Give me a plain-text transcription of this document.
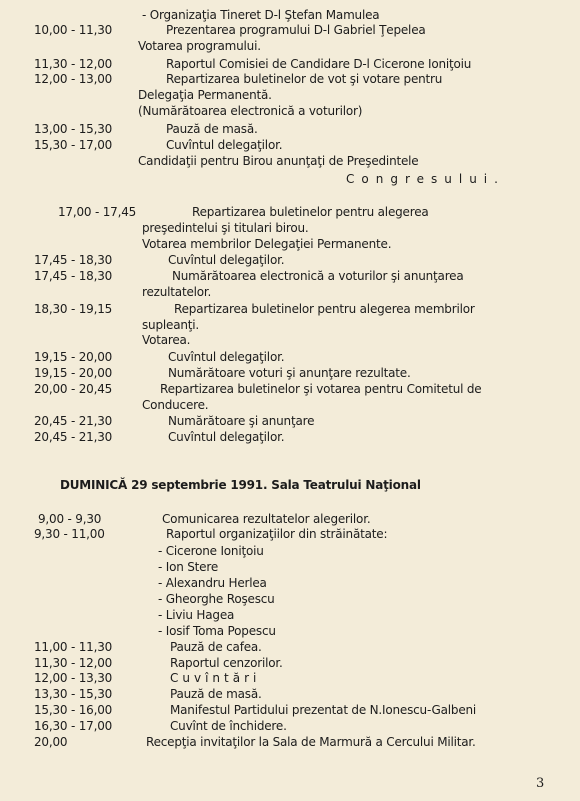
- Organizaţia Tineret D-l Ştefan Mamulea
10,00 - 11,30	Prezentarea programului D-l Gabriel Ţepelea
Votarea programului.
11,30 - 12,00	Raportul Comisiei de Candidare D-l Cicerone Ioniţoiu
12,00 - 13,00	Repartizarea buletinelor de vot şi votare pentru
Delegaţia Permanentă.
(Numărătoarea electronică a voturilor)
13,00 - 15,30	Pauză de masă.
15,30 - 17,00	Cuvîntul delegaţilor.
Candidaţii pentru Birou anunţaţi de Preşedintele
Congresului.
17,00 - 17,45	Repartizarea buletinelor pentru alegerea
preşedintelui şi titulari birou.
Votarea membrilor Delegaţiei Permanente.
17,45 - 18,30	Cuvîntul delegaţilor.
17,45 - 18,30	Numărătoarea electronică a voturilor şi anunţarea
rezultatelor.
18,30 - 19,15	Repartizarea buletinelor pentru alegerea membrilor
supleanţi.
Votarea.
19,15 - 20,00	Cuvîntul delegaţilor.
19,15 - 20,00	Numărătoare voturi şi anunţare rezultate.
20,00 - 20,45	Repartizarea buletinelor şi votarea pentru Comitetul de
Conducere.
20,45 - 21,30	Numărătoare şi anunţare
20,45 - 21,30	Cuvîntul delegaţilor.
DUMINICĂ 29 septembrie 1991. Sala Teatrului Naţional
9,00 - 9,30	Comunicarea rezultatelor alegerilor.
9,30 - 11,00	Raportul organizaţiilor din străinătate:
- Cicerone Ioniţoiu
- Ion Stere
- Alexandru Herlea
- Gheorghe Roşescu
- Liviu Hagea
- Iosif Toma Popescu
11,00 - 11,30	Pauză de cafea.
11,30 - 12,00	Raportul cenzorilor.
12,00 - 13,30	Cuvîntări
13,30 - 15,30	Pauză de masă.
15,30 - 16,00	Manifestul Partidului prezentat de N.Ionescu-Galbeni
16,30 - 17,00	Cuvînt de închidere.
20,00	Recepţia invitaţilor la Sala de Marmură a Cercului Militar.
3
